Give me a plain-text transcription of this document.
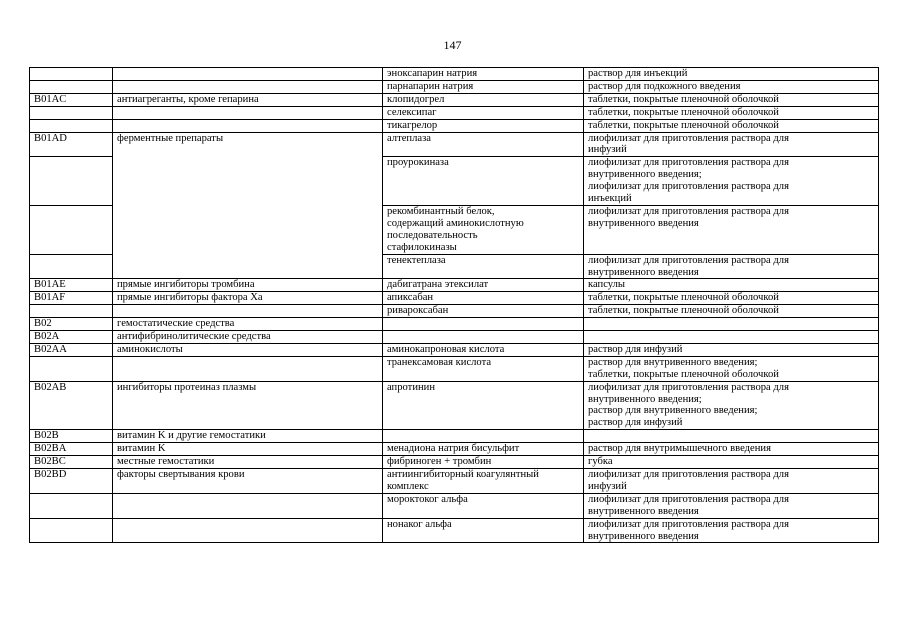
147
		эноксапарин натрия	раствор для инъекций
		парнапарин натрия	раствор для подкожного введения
B01AC	антиагреганты, кроме гепарина	клопидогрел	таблетки, покрытые пленочной оболочкой
		селексипаг	таблетки, покрытые пленочной оболочкой
		тикагрелор	таблетки, покрытые пленочной оболочкой
B01AD	ферментные препараты	алтеплаза	лиофилизат для приготовления раствора для
инфузий
		проурокиназа	лиофилизат для приготовления раствора для
внутривенного введения;
лиофилизат для приготовления раствора для
инъекций
		рекомбинантный белок,
содержащий аминокислотную
последовательность
стафилокиназы	лиофилизат для приготовления раствора для
внутривенного введения
		тенектеплаза	лиофилизат для приготовления раствора для
внутривенного введения
B01AE	прямые ингибиторы тромбина	дабигатрана этексилат	капсулы
B01AF	прямые ингибиторы фактора Xa	апиксабан	таблетки, покрытые пленочной оболочкой
		ривароксабан	таблетки, покрытые пленочной оболочкой
B02	гемостатические средства		
B02A	антифибринолитические средства		
B02AA	аминокислоты	аминокапроновая кислота	раствор для инфузий
		транексамовая кислота	раствор для внутривенного введения;
таблетки, покрытые пленочной оболочкой
B02AB	ингибиторы протеиназ плазмы	апротинин	лиофилизат для приготовления раствора для
внутривенного введения;
раствор для внутривенного введения;
раствор для инфузий
B02B	витамин K и другие гемостатики		
B02BA	витамин K	менадиона натрия бисульфит	раствор для внутримышечного введения
B02BC	местные гемостатики	фибриноген + тромбин	губка
B02BD	факторы свертывания крови	антиингибиторный коагулянтный
комплекс	лиофилизат для приготовления раствора для
инфузий
		мороктоког альфа	лиофилизат для приготовления раствора для
внутривенного введения
		нонаког альфа	лиофилизат для приготовления раствора для
внутривенного введения
